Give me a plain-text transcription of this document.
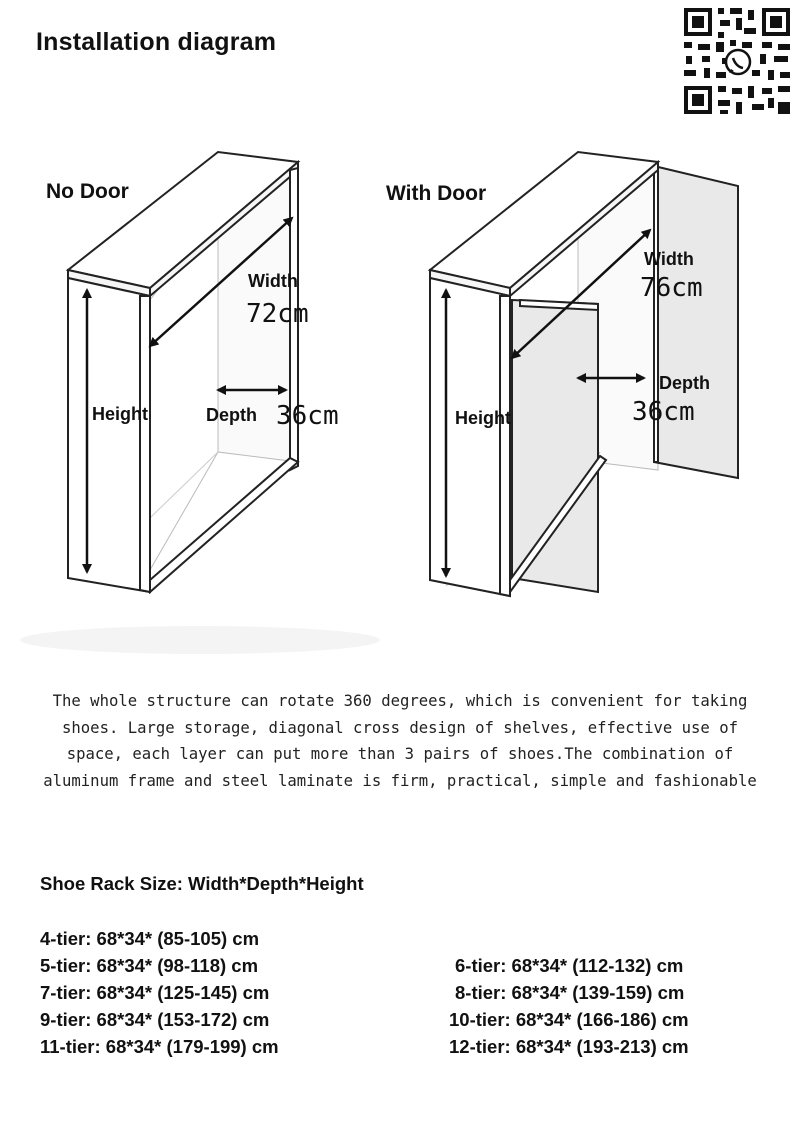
Installation diagram
No Door
Width
72cm
Height	Depth 36cm
With Door
Width
76cm
Height
Depth
36cm
The whole structure can rotate 360 degrees, which is convenient for taking
shoes. Large storage, diagonal cross design of shelves, effective use of
space, each layer can put more than 3 pairs of shoes.The combination of
aluminum frame and steel laminate is firm, practical, simple and fashionable
Shoe Rack Size: Width*Depth*Height
4-tier: 68*34* (85-105) cm
5-tier: 68*34* (98-118) cm	6-tier: 68*34* (112-132) cm
7-tier: 68*34* (125-145) cm	8-tier: 68*34* (139-159) cm
9-tier: 68*34* (153-172) cm	10-tier: 68*34* (166-186) cm
11-tier: 68*34* (179-199) cm	12-tier: 68*34* (193-213) cm
